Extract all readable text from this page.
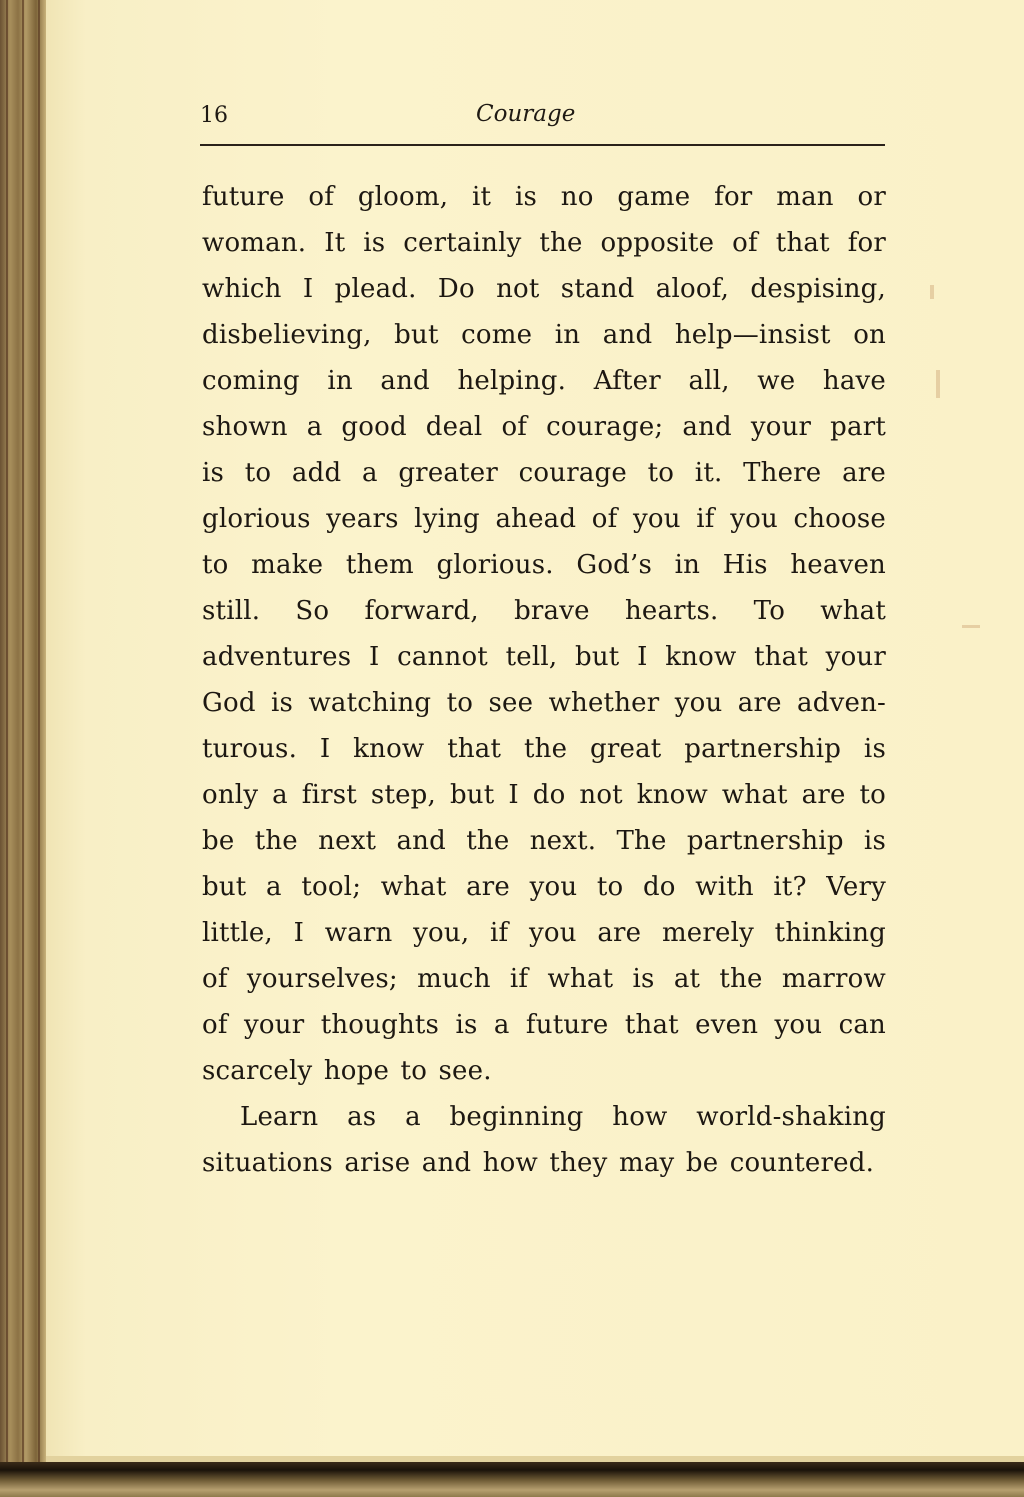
16	Courage
future of gloom, it is no game for man or
woman. It is certainly the opposite of that for
which I plead. Do not stand aloof, despising,
disbelieving, but come in and help—insist on
coming in and helping. After all, we have
shown a good deal of courage; and your part
is to add a greater courage to it. There are
glorious years lying ahead of you if you choose
to make them glorious. God’s in His heaven
still. So forward, brave hearts. To what
adventures I cannot tell, but I know that your
God is watching to see whether you are adven-
turous. I know that the great partnership is
only a first step, but I do not know what are to
be the next and the next. The partnership is
but a tool; what are you to do with it? Very
little, I warn you, if you are merely thinking
of yourselves; much if what is at the marrow
of your thoughts is a future that even you can
scarcely hope to see.
Learn as a beginning how world-shaking
situations arise and how they may be countered.
